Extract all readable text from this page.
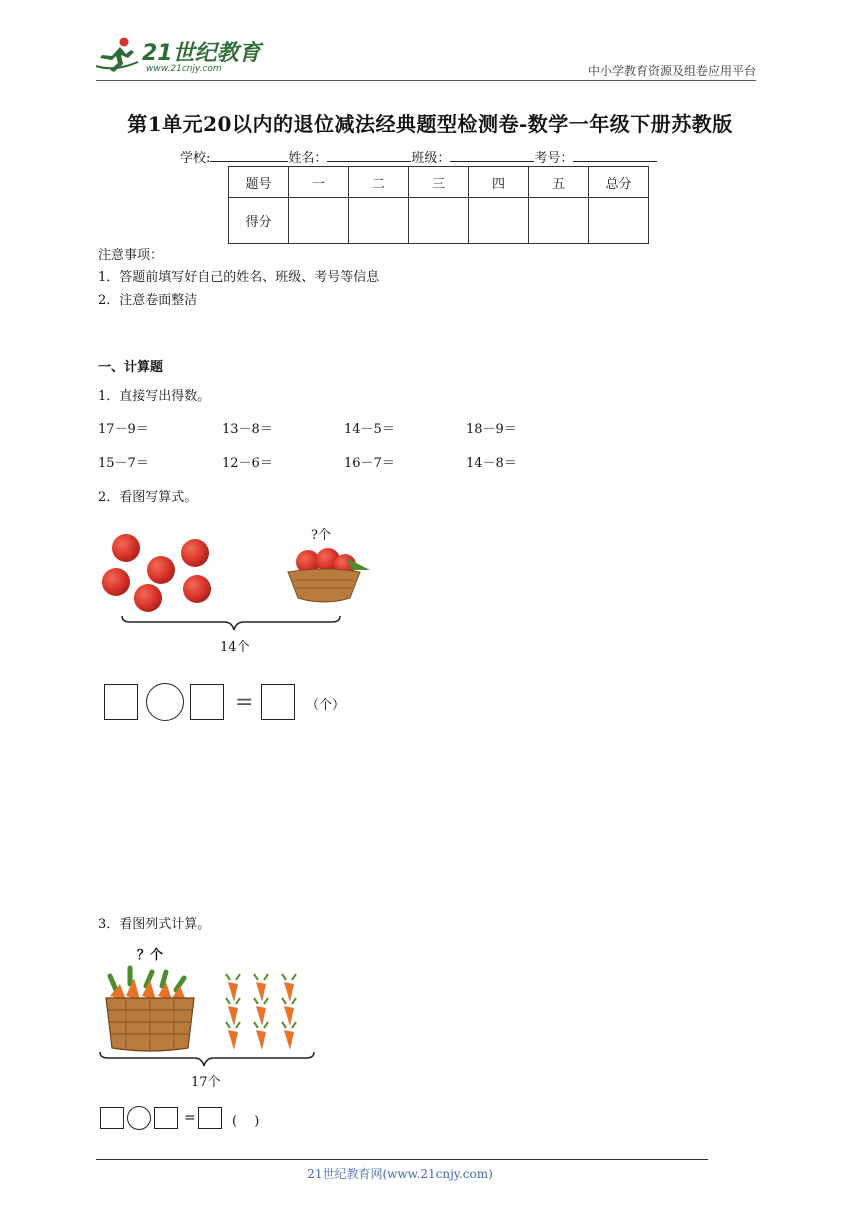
21世纪教育
www.21cnjy.com	中小学教育资源及组卷应用平台
第1单元20以内的退位减法经典题型检测卷-数学一年级下册苏教版
学校:	姓名：	班级：	考号：
题号	一	二	三	四	五	总分
得分						
注意事项：
1．答题前填写好自己的姓名、班级、考号等信息
2．注意卷面整洁
一、计算题
1．直接写出得数。
17－9＝	13－8＝	14－5＝	18－9＝
15－7＝	12－6＝	16－7＝	14－8＝
2．看图写算式。
?个
14个
=	（个）
3．看图列式计算。
？个
17个
=	(　 )
21世纪教育网(www.21cnjy.com)
